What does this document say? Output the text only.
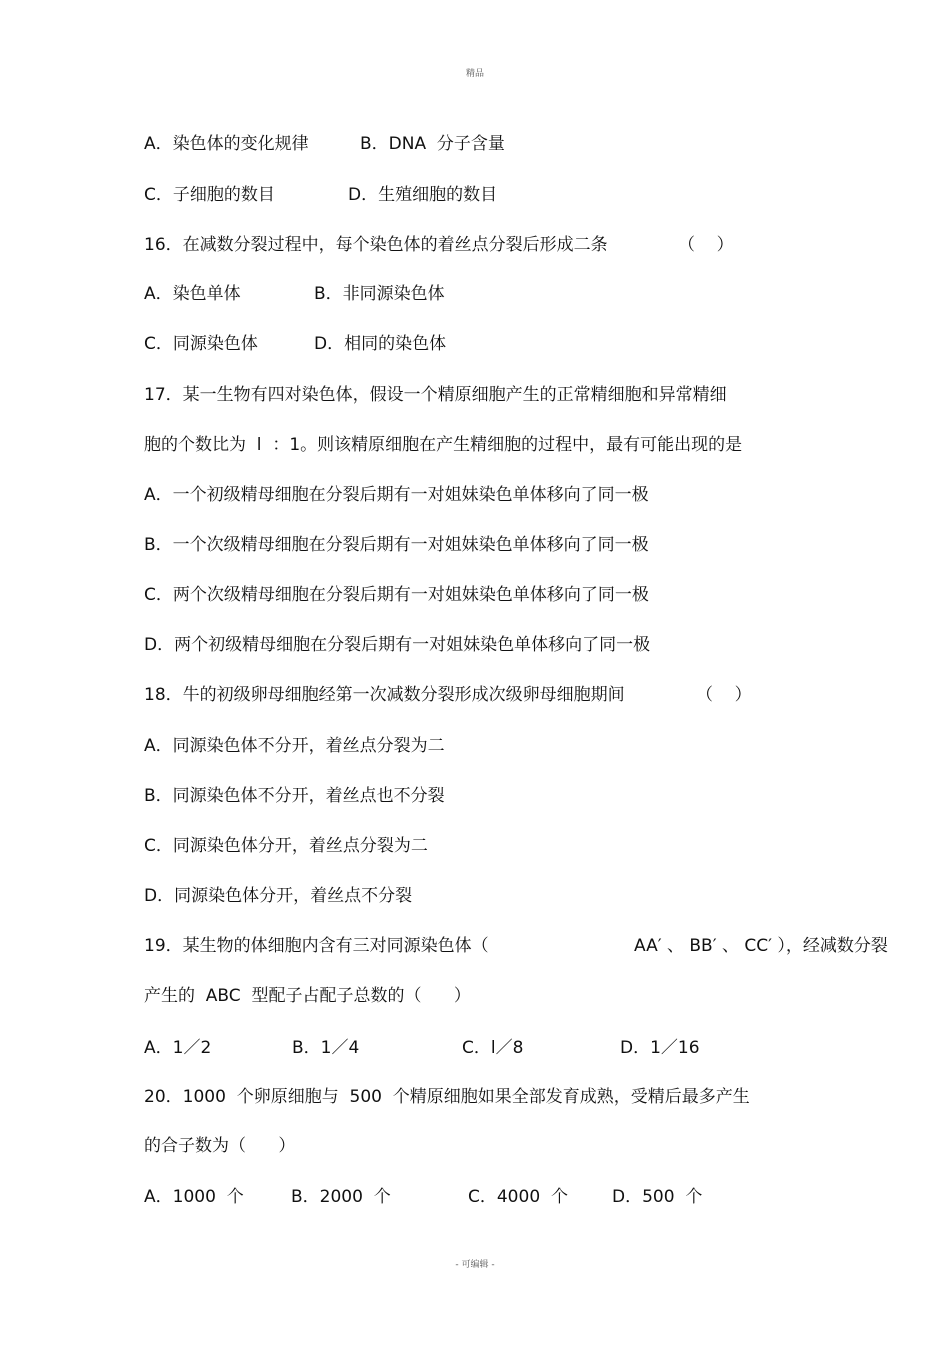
精品

A．染色体的变化规律

	B．DNA  分子含量

C．子细胞的数目

	D．生殖细胞的数目

16．在减数分裂过程中，每个染色体的着丝点分裂后形成二条

	（    ）

A．染色单体

	B．非同源染色体

C．同源染色体

	D．相同的染色体

17．某一生物有四对染色体，假设一个精原细胞产生的正常精细胞和异常精细
胞的个数比为  l  ：1。则该精原细胞在产生精细胞的过程中，最有可能出现的是
A．一个初级精母细胞在分裂后期有一对姐妹染色单体移向了同一极
B．一个次级精母细胞在分裂后期有一对姐妹染色单体移向了同一极
C．两个次级精母细胞在分裂后期有一对姐妹染色单体移向了同一极
D．两个初级精母细胞在分裂后期有一对姐妹染色单体移向了同一极

18．牛的初级卵母细胞经第一次减数分裂形成次级卵母细胞期间

	（    ）

A．同源染色体不分开，着丝点分裂为二
B．同源染色体不分开，着丝点也不分裂
C．同源染色体分开，着丝点分裂为二
D．同源染色体分开，着丝点不分裂

19．某生物的体细胞内含有三对同源染色体（

	AA′ 、 BB′ 、 CC′ ），经减数分裂

产生的  ABC  型配子占配子总数的（      ）

A．1／2

	B．1／4

	C．l／8

	D．1／16

20．1000  个卵原细胞与  500  个精原细胞如果全部发育成熟，受精后最多产生
的合子数为（      ）

A．1000  个

	B．2000  个

	C．4000  个

	D．500  个

- 可编辑 -
